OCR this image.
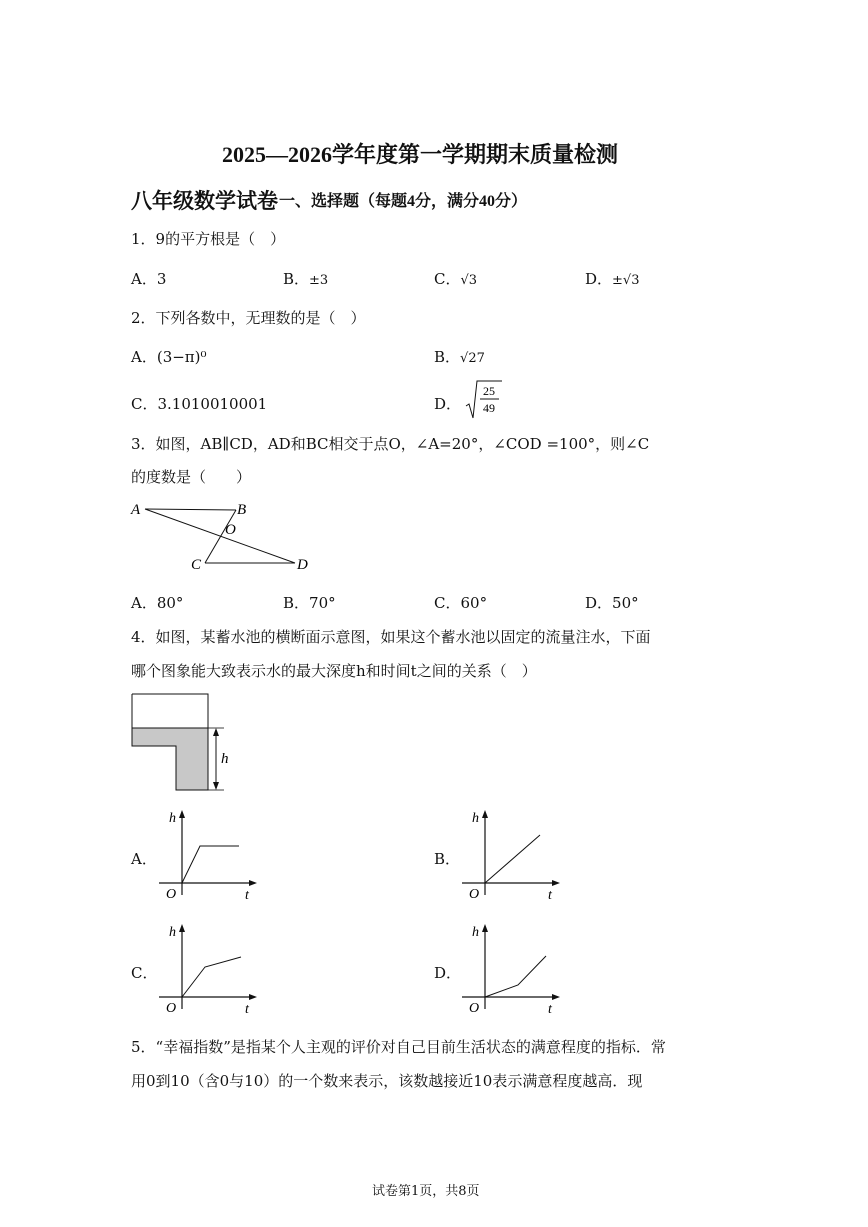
2025—2026学年度第一学期期末质量检测
八年级数学试卷 一、选择题（每题4分，满分40分）
1．9的平方根是（　）
A．3	B．±3	C．√3	D．±√3
2．下列各数中，无理数的是（　）
A．(3−π)⁰	B．√27
C．3.1010010001	D．
25
49
3．如图，AB∥CD，AD和BC相交于点O，∠A=20°，∠COD =100°，则∠C
的度数是（　　）
A	B
O
C	D
A．80°	B．70°	C．60°	D．50°
4．如图，某蓄水池的横断面示意图，如果这个蓄水池以固定的流量注水，下面
哪个图象能大致表示水的最大深度h和时间t之间的关系（　）
h
A．
h
t
O
B．
h
t
O
C．
h
t
O
D．
h
t
O
5．“幸福指数”是指某个人主观的评价对自己目前生活状态的满意程度的指标．常
用0到10（含0与10）的一个数来表示，该数越接近10表示满意程度越高．现
试卷第1页，共8页
